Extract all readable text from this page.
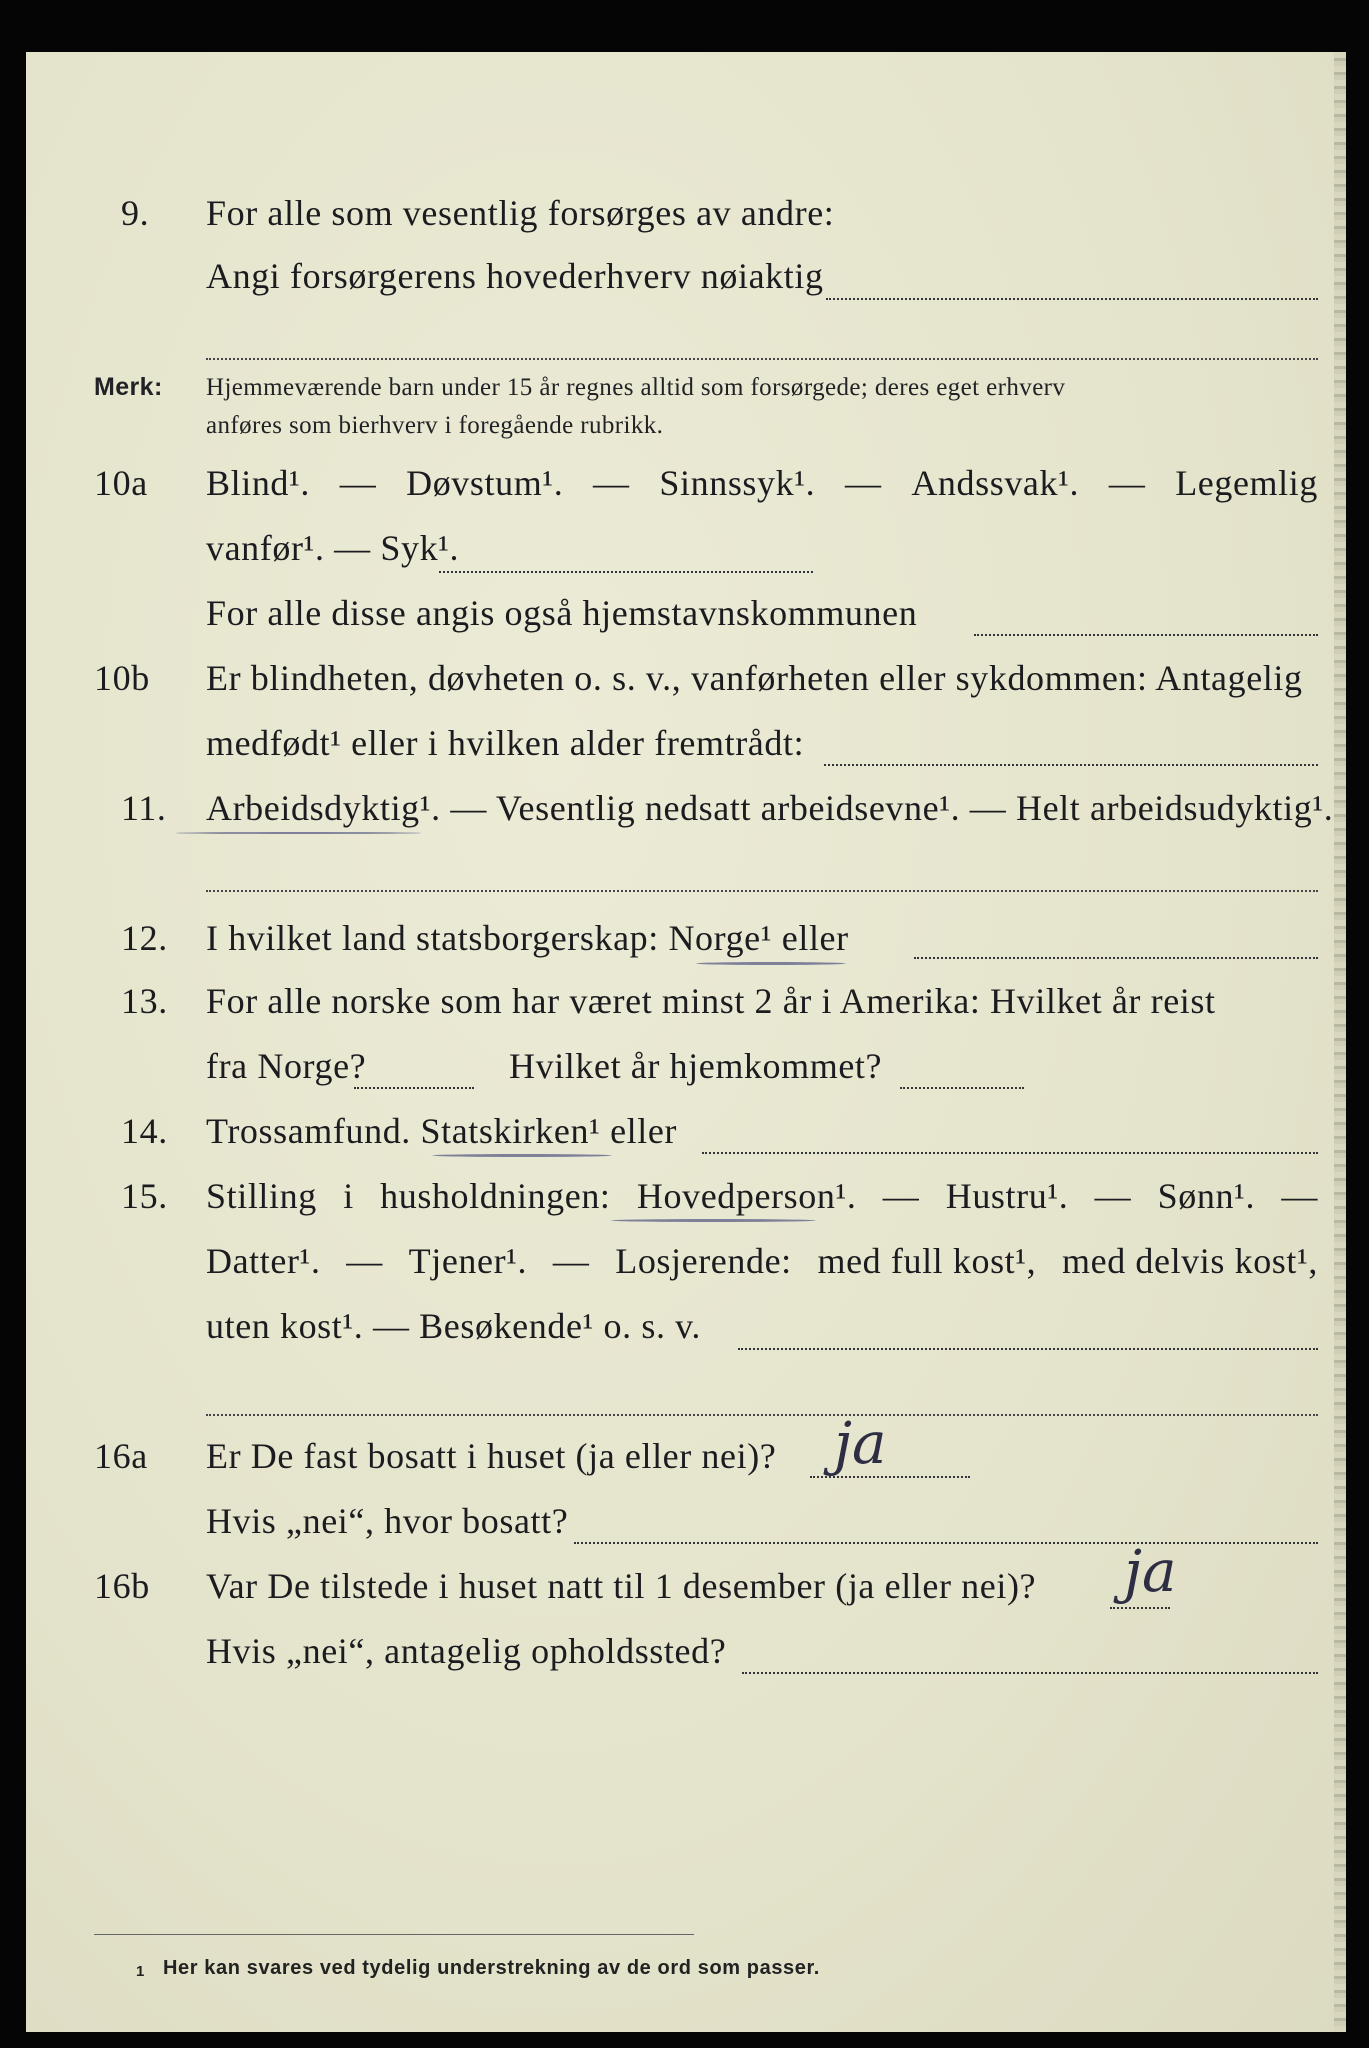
9. For alle som vesentlig forsørges av andre:
Angi forsørgerens hovederhverv nøiaktig
Merk: Hjemmeværende barn under 15 år regnes alltid som forsørgede; deres eget erhverv
anføres som bierhverv i foregående rubrikk.
10a Blind¹. — Døvstum¹. — Sinnssyk¹. — Andssvak¹. — Legemlig
vanfør¹. — Syk¹.
For alle disse angis også hjemstavnskommunen
10b Er blindheten, døvheten o. s. v., vanførheten eller sykdommen: Antagelig
medfødt¹ eller i hvilken alder fremtrådt:
11. Arbeidsdyktig¹. — Vesentlig nedsatt arbeidsevne¹. — Helt arbeidsudyktig¹.
12. I hvilket land statsborgerskap: Norge¹ eller
13. For alle norske som har været minst 2 år i Amerika: Hvilket år reist
fra Norge?	Hvilket år hjemkommet?
14. Trossamfund. Statskirken¹ eller
15. Stilling i husholdningen: Hovedperson¹. — Hustru¹. — Sønn¹. —
Datter¹. — Tjener¹. — Losjerende: med full kost¹, med delvis kost¹,
uten kost¹. — Besøkende¹ o. s. v.
16a Er De fast bosatt i huset (ja eller nei)? ja
Hvis „nei“, hvor bosatt?
16b Var De tilstede i huset natt til 1 desember (ja eller nei)? ja
Hvis „nei“, antagelig opholdssted?
1 Her kan svares ved tydelig understrekning av de ord som passer.
